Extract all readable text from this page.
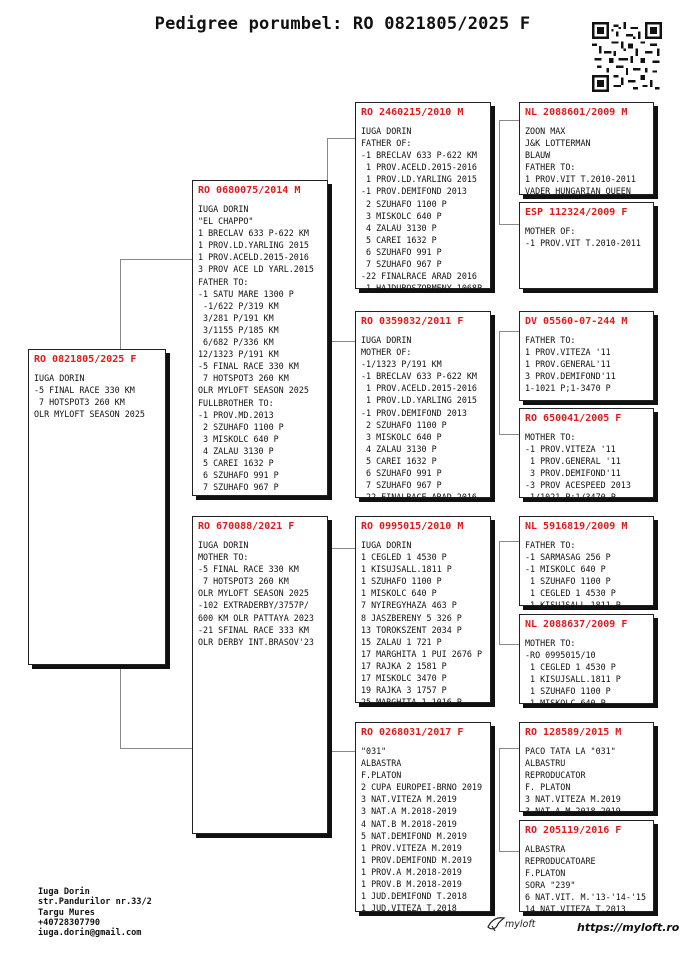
Pedigree porumbel: RO 0821805/2025 F
RO 0821805/2025 F
IUGA DORIN
-5 FINAL RACE 330 KM
7 HOTSPOT3 260 KM
OLR MYLOFT SEASON 2025
RO 0680075/2014 M
IUGA DORIN
"EL CHAPPO"
1 BRECLAV 633 P-622 KM
1 PROV.LD.YARLING 2015
1 PROV.ACELD.2015-2016
3 PROV ACE LD YARL.2015
FATHER TO:
-1 SATU MARE 1300 P
-1/622 P/319 KM
3/281 P/191 KM
3/1155 P/185 KM
6/682 P/336 KM
12/1323 P/191 KM
-5 FINAL RACE 330 KM
7 HOTSPOT3 260 KM
OLR MYLOFT SEASON 2025
FULLBROTHER TO:
-1 PROV.MD.2013
2 SZUHAFO 1100 P
3 MISKOLC 640 P
4 ZALAU 3130 P
5 CAREI 1632 P
6 SZUHAFO 991 P
7 SZUHAFO 967 P
RO 670088/2021 F
IUGA DORIN
MOTHER TO:
-5 FINAL RACE 330 KM
7 HOTSPOT3 260 KM
OLR MYLOFT SEASON 2025
-102 EXTRADERBY/3757P/
600 KM OLR PATTAYA 2023
-21 SFINAL RACE 333 KM
OLR DERBY INT.BRASOV'23
RO 2460215/2010 M
IUGA DORIN
FATHER OF:
-1 BRECLAV 633 P-622 KM
1 PROV.ACELD.2015-2016
1 PROV.LD.YARLING 2015
-1 PROV.DEMIFOND 2013
2 SZUHAFO 1100 P
3 MISKOLC 640 P
4 ZALAU 3130 P
5 CAREI 1632 P
6 SZUHAFO 991 P
7 SZUHAFO 967 P
-22 FINALRACE ARAD 2016
1 HAJDUBOSZORMENY 1068P
RO 0359832/2011 F
IUGA DORIN
MOTHER OF:
-1/1323 P/191 KM
-1 BRECLAV 633 P-622 KM
1 PROV.ACELD.2015-2016
1 PROV.LD.YARLING 2015
-1 PROV.DEMIFOND 2013
2 SZUHAFO 1100 P
3 MISKOLC 640 P
4 ZALAU 3130 P
5 CAREI 1632 P
6 SZUHAFO 991 P
7 SZUHAFO 967 P
-22 FINALRACE ARAD 2016
RO 0995015/2010 M
IUGA DORIN
1 CEGLED 1 4530 P
1 KISUJSALL.1811 P
1 SZUHAFO 1100 P
1 MISKOLC 640 P
7 NYIREGYHAZA 463 P
8 JASZBERENY 5 326 P
13 TOROKSZENT 2034 P
15 ZALAU 1 721 P
17 MARGHITA 1 PUI 2676 P
17 RAJKA 2 1581 P
17 MISKOLC 3470 P
19 RAJKA 3 1757 P
25 MARGHITA 1 1016 P
RO 0268031/2017 F
"031"
ALBASTRA
F.PLATON
2 CUPA EUROPEI-BRNO 2019
3 NAT.VITEZA M.2019
3 NAT.A M.2018-2019
4 NAT.B M.2018-2019
5 NAT.DEMIFOND M.2019
1 PROV.VITEZA M.2019
1 PROV.DEMIFOND M.2019
1 PROV.A M.2018-2019
1 PROV.B M.2018-2019
1 JUD.DEMIFOND T.2018
1 JUD.VITEZA T.2018
NL 2088601/2009 M
ZOON MAX
J&K LOTTERMAN
BLAUW
FATHER TO:
1 PROV.VIT T.2010-2011
VADER HUNGARIAN QUEEN
ESP 112324/2009 F
MOTHER OF:
-1 PROV.VIT T.2010-2011
DV 05560-07-244 M
FATHER TO:
1 PROV.VITEZA '11
1 PROV.GENERAL'11
3 PROV.DEMIFOND'11
1-1021 P;1-3470 P
RO 650041/2005 F
MOTHER TO:
-1 PROV.VITEZA '11
1 PROV.GENERAL '11
3 PROV.DEMIFOND'11
-3 PROV ACESPEED 2013
1/1021 P;1/3470 P
NL 5916819/2009 M
FATHER TO:
-1 SARMASAG 256 P
-1 MISKOLC 640 P
1 SZUHAFO 1100 P
1 CEGLED 1 4530 P
1 KISUJSALL.1811 P
NL 2088637/2009 F
MOTHER TO:
-RO 0995015/10
1 CEGLED 1 4530 P
1 KISUJSALL.1811 P
1 SZUHAFO 1100 P
1 MISKOLC 640 P
RO 128589/2015 M
PACO TATA LA "031"
ALBASTRU
REPRODUCATOR
F. PLATON
3 NAT.VITEZA M.2019
3 NAT.A M.2018-2019
RO 205119/2016 F
ALBASTRA
REPRODUCATOARE
F.PLATON
SORA "239"
6 NAT.VIT. M.'13-'14-'15
14 NAT.VITEZA T.2013
Iuga Dorin
str.Pandurilor nr.33/2
Targu Mures
+40728307790
iuga.dorin@gmail.com
myloft	https://myloft.ro
